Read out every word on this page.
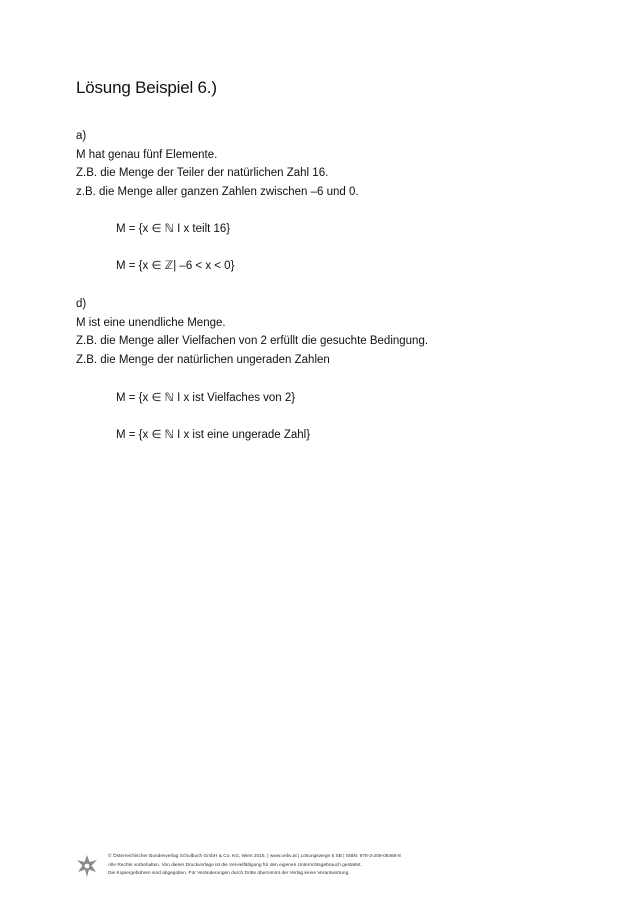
Lösung Beispiel 6.)

a)

M hat genau fünf Elemente.

Z.B. die Menge der Teiler der natürlichen Zahl 16.

z.B. die Menge aller ganzen Zahlen zwischen –6 und 0.

M = {x ∈ ℕ I x teilt 16}

M = {x ∈ ℤ| –6 < x < 0}

d)

M ist eine unendliche Menge.

Z.B. die Menge aller Vielfachen von 2 erfüllt die gesuchte Bedingung.

Z.B. die Menge der natürlichen ungeraden Zahlen

M = {x ∈ ℕ I x ist Vielfaches von 2}

M = {x ∈ ℕ I x ist eine ungerade Zahl}

© Österreichischer Bundesverlag Schulbuch GmbH & Co. KG, Wien 2015. | www.oebv.at | Lösungswege 5 SB | ISBN: 978-3-209-08466-8
Alle Rechte vorbehalten. Von dieser Druckvorlage ist die Vervielfältigung für den eigenen Unterrichtsgebrauch gestattet.
Die Kopiergebühren sind abgegolten. Für Veränderungen durch Dritte übernimmt der Verlag keine Verantwortung.
